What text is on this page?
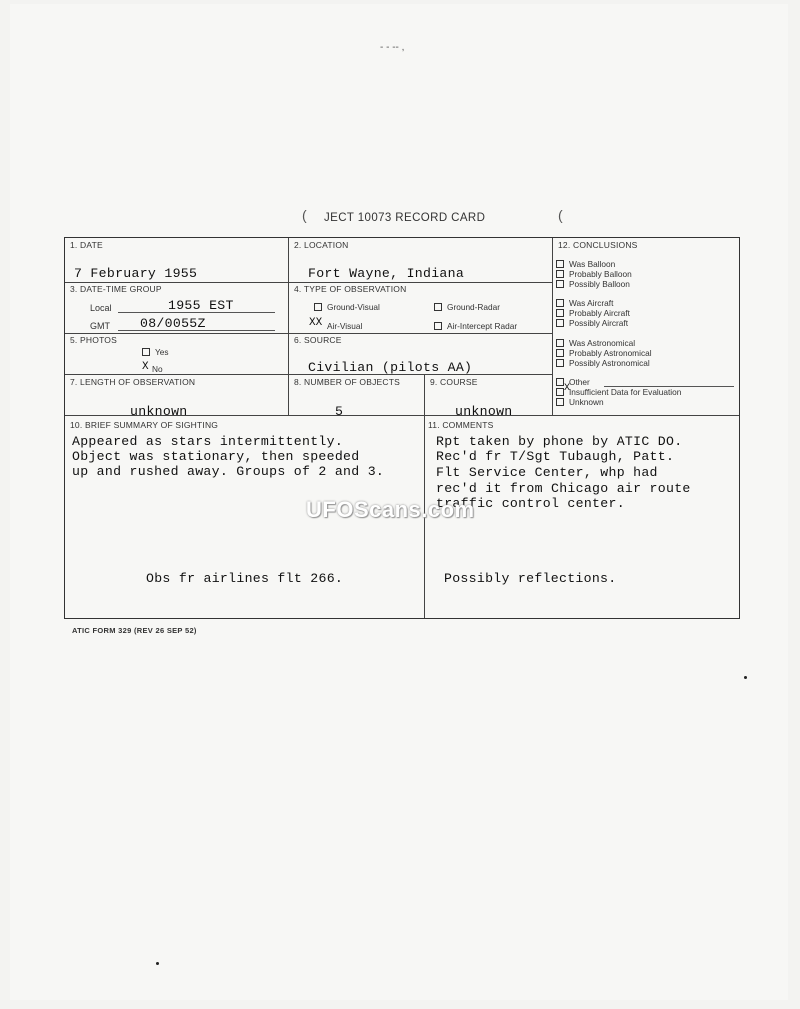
- - -- ,
( JECT 10073 RECORD CARD	(
1. DATE
7 February 1955
2. LOCATION
Fort Wayne, Indiana
12. CONCLUSIONS
Was Balloon
Probably Balloon
Possibly Balloon
Was Aircraft
Probably Aircraft
Possibly Aircraft
Was Astronomical
Probably Astronomical
Possibly Astronomical
Other
Insufficient Data for Evaluation
X
Unknown
3. DATE-TIME GROUP
Local	1955 EST
GMT 08/0055Z
4. TYPE OF OBSERVATION
Ground-Visual	Ground-Radar
XX Air-Visual	Air-Intercept Radar
5. PHOTOS
Yes
X No
6. SOURCE
Civilian (pilots AA)
7. LENGTH OF OBSERVATION
unknown
8. NUMBER OF OBJECTS
5
9. COURSE
unknown
10. BRIEF SUMMARY OF SIGHTING
Appeared as stars intermittently.
Object was stationary, then speeded
up and rushed away. Groups of 2 and 3.
Obs fr airlines flt 266.
11. COMMENTS
Rpt taken by phone by ATIC DO.
Rec'd fr T/Sgt Tubaugh, Patt.
Flt Service Center, whp had
rec'd it from Chicago air route
traffic control center.
Possibly reflections.
UFOScans.com
ATIC FORM 329 (REV 26 SEP 52)
